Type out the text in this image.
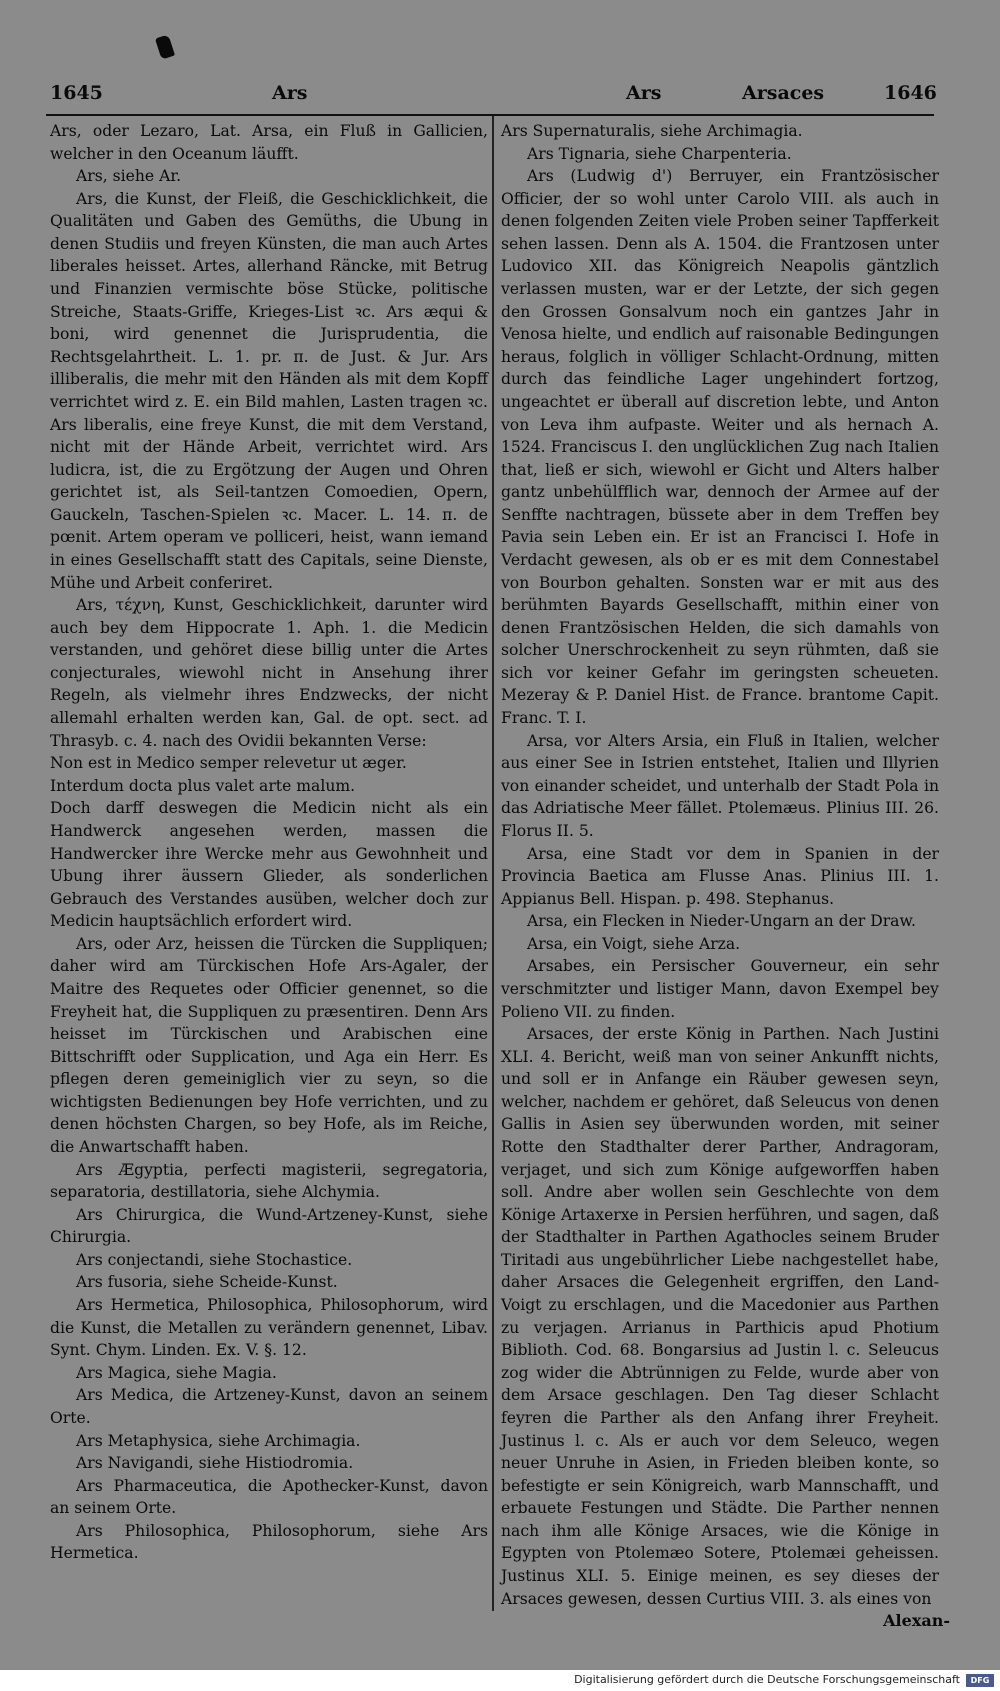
1645	Ars	Ars	Arsaces	1646

Ars, oder Lezaro, Lat. Arsa, ein Fluß in Gallicien, welcher in den Oceanum läufft.

Ars, siehe Ar.

Ars, die Kunst, der Fleiß, die Geschicklichkeit, die Qualitäten und Gaben des Gemüths, die Ubung in denen Studiis und freyen Künsten, die man auch Artes liberales heisset. Artes, allerhand Räncke, mit Betrug und Finanzien vermischte böse Stücke, politische Streiche, Staats-Griffe, Krieges-List ꝛc. Ars æqui & boni, wird genennet die Jurisprudentia, die Rechtsgelahrtheit. L. 1. pr. π. de Just. & Jur. Ars illiberalis, die mehr mit den Händen als mit dem Kopff verrichtet wird z. E. ein Bild mahlen, Lasten tragen ꝛc. Ars liberalis, eine freye Kunst, die mit dem Verstand, nicht mit der Hände Arbeit, verrichtet wird. Ars ludicra, ist, die zu Ergötzung der Augen und Ohren gerichtet ist, als Seil-tantzen Comoedien, Opern, Gauckeln, Taschen-Spielen ꝛc. Macer. L. 14. π. de pœnit. Artem operam ve polliceri, heist, wann iemand in eines Gesellschafft statt des Capitals, seine Dienste, Mühe und Arbeit conferiret.

Ars, τέχνη, Kunst, Geschicklichkeit, darunter wird auch bey dem Hippocrate 1. Aph. 1. die Medicin verstanden, und gehöret diese billig unter die Artes conjecturales, wiewohl nicht in Ansehung ihrer Regeln, als vielmehr ihres Endzwecks, der nicht allemahl erhalten werden kan, Gal. de opt. sect. ad Thrasyb. c. 4. nach des Ovidii bekannten Verse:

Non est in Medico semper relevetur ut æger.

Interdum docta plus valet arte malum.

Doch darff deswegen die Medicin nicht als ein Handwerck angesehen werden, massen die Handwercker ihre Wercke mehr aus Gewohnheit und Ubung ihrer äussern Glieder, als sonderlichen Gebrauch des Verstandes ausüben, welcher doch zur Medicin hauptsächlich erfordert wird.

Ars, oder Arz, heissen die Türcken die Suppliquen; daher wird am Türckischen Hofe Ars-Agaler, der Maitre des Requetes oder Officier genennet, so die Freyheit hat, die Suppliquen zu præsentiren. Denn Ars heisset im Türckischen und Arabischen eine Bittschrifft oder Supplication, und Aga ein Herr. Es pflegen deren gemeiniglich vier zu seyn, so die wichtigsten Bedienungen bey Hofe verrichten, und zu denen höchsten Chargen, so bey Hofe, als im Reiche, die Anwartschafft haben.

Ars Ægyptia, perfecti magisterii, segregatoria, separatoria, destillatoria, siehe Alchymia.

Ars Chirurgica, die Wund-Artzeney-Kunst, siehe Chirurgia.

Ars conjectandi, siehe Stochastice.

Ars fusoria, siehe Scheide-Kunst.

Ars Hermetica, Philosophica, Philosophorum, wird die Kunst, die Metallen zu verändern genennet, Libav. Synt. Chym. Linden. Ex. V. §. 12.

Ars Magica, siehe Magia.

Ars Medica, die Artzeney-Kunst, davon an seinem Orte.

Ars Metaphysica, siehe Archimagia.

Ars Navigandi, siehe Histiodromia.

Ars Pharmaceutica, die Apothecker-Kunst, davon an seinem Orte.

Ars Philosophica, Philosophorum, siehe Ars Hermetica.

Ars Supernaturalis, siehe Archimagia.

Ars Tignaria, siehe Charpenteria.

Ars (Ludwig d') Berruyer, ein Frantzösischer Officier, der so wohl unter Carolo VIII. als auch in denen folgenden Zeiten viele Proben seiner Tapfferkeit sehen lassen. Denn als A. 1504. die Frantzosen unter Ludovico XII. das Königreich Neapolis gäntzlich verlassen musten, war er der Letzte, der sich gegen den Grossen Gonsalvum noch ein gantzes Jahr in Venosa hielte, und endlich auf raisonable Bedingungen heraus, folglich in völliger Schlacht-Ordnung, mitten durch das feindliche Lager ungehindert fortzog, ungeachtet er überall auf discretion lebte, und Anton von Leva ihm aufpaste. Weiter und als hernach A. 1524. Franciscus I. den unglücklichen Zug nach Italien that, ließ er sich, wiewohl er Gicht und Alters halber gantz unbehülfflich war, dennoch der Armee auf der Senffte nachtragen, büssete aber in dem Treffen bey Pavia sein Leben ein. Er ist an Francisci I. Hofe in Verdacht gewesen, als ob er es mit dem Connestabel von Bourbon gehalten. Sonsten war er mit aus des berühmten Bayards Gesellschafft, mithin einer von denen Frantzösischen Helden, die sich damahls von solcher Unerschrockenheit zu seyn rühmten, daß sie sich vor keiner Gefahr im geringsten scheueten. Mezeray & P. Daniel Hist. de France. brantome Capit. Franc. T. I.

Arsa, vor Alters Arsia, ein Fluß in Italien, welcher aus einer See in Istrien entstehet, Italien und Illyrien von einander scheidet, und unterhalb der Stadt Pola in das Adriatische Meer fället. Ptolemæus. Plinius III. 26. Florus II. 5.

Arsa, eine Stadt vor dem in Spanien in der Provincia Baetica am Flusse Anas. Plinius III. 1. Appianus Bell. Hispan. p. 498. Stephanus.

Arsa, ein Flecken in Nieder-Ungarn an der Draw.

Arsa, ein Voigt, siehe Arza.

Arsabes, ein Persischer Gouverneur, ein sehr verschmitzter und listiger Mann, davon Exempel bey Polieno VII. zu finden.

Arsaces, der erste König in Parthen. Nach Justini XLI. 4. Bericht, weiß man von seiner Ankunfft nichts, und soll er in Anfange ein Räuber gewesen seyn, welcher, nachdem er gehöret, daß Seleucus von denen Gallis in Asien sey überwunden worden, mit seiner Rotte den Stadthalter derer Parther, Andragoram, verjaget, und sich zum Könige aufgeworffen haben soll. Andre aber wollen sein Geschlechte von dem Könige Artaxerxe in Persien herführen, und sagen, daß der Stadthalter in Parthen Agathocles seinem Bruder Tiritadi aus ungebührlicher Liebe nachgestellet habe, daher Arsaces die Gelegenheit ergriffen, den Land-Voigt zu erschlagen, und die Macedonier aus Parthen zu verjagen. Arrianus in Parthicis apud Photium Biblioth. Cod. 68. Bongarsius ad Justin l. c. Seleucus zog wider die Abtrünnigen zu Felde, wurde aber von dem Arsace geschlagen. Den Tag dieser Schlacht feyren die Parther als den Anfang ihrer Freyheit. Justinus l. c. Als er auch vor dem Seleuco, wegen neuer Unruhe in Asien, in Frieden bleiben konte, so befestigte er sein Königreich, warb Mannschafft, und erbauete Festungen und Städte. Die Parther nennen nach ihm alle Könige Arsaces, wie die Könige in Egypten von Ptolemæo Sotere, Ptolemæi geheissen. Justinus XLI. 5. Einige meinen, es sey dieses der Arsaces gewesen, dessen Curtius VIII. 3. als eines von

Alexan-
Digitalisierung gefördert durch die Deutsche Forschungsgemeinschaft	DFG
